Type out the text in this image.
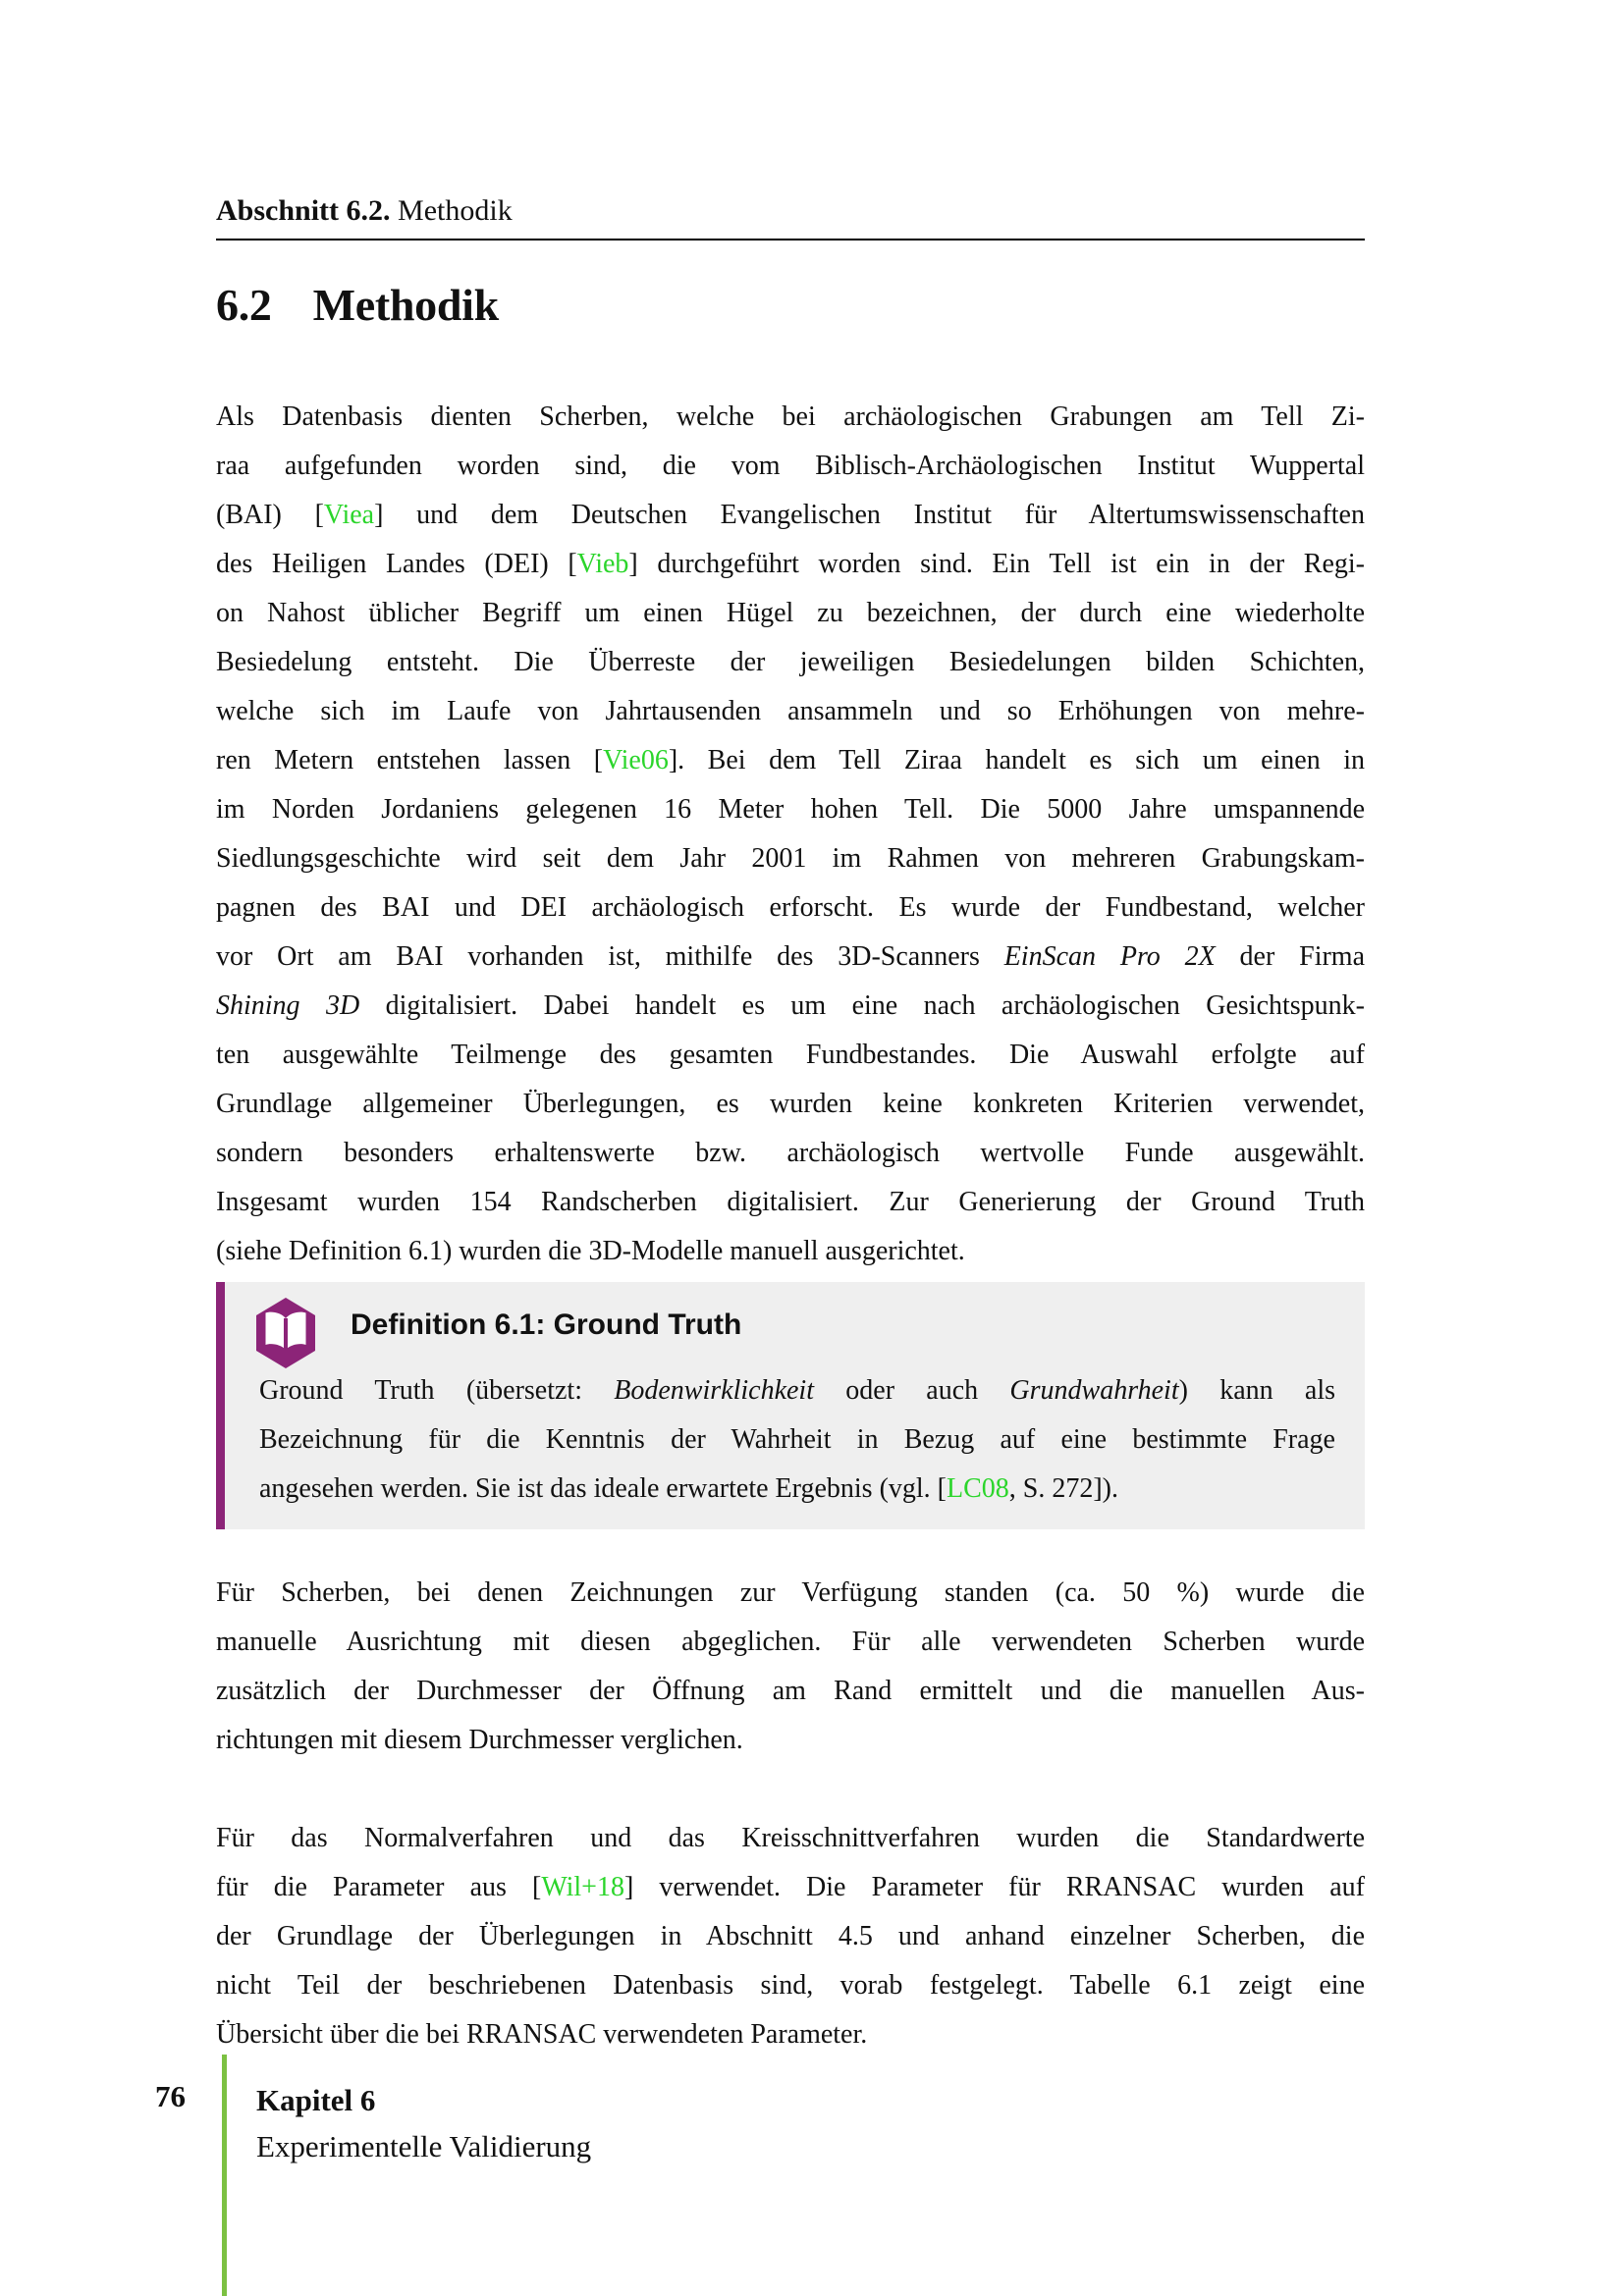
Abschnitt 6.2. Methodik
6.2 Methodik
Als Datenbasis dienten Scherben, welche bei archäologischen Grabungen am Tell Zi-
raa aufgefunden worden sind, die vom Biblisch-Archäologischen Institut Wuppertal
(BAI) [Viea] und dem Deutschen Evangelischen Institut für Altertumswissenschaften
des Heiligen Landes (DEI) [Vieb] durchgeführt worden sind. Ein Tell ist ein in der Regi-
on Nahost üblicher Begriff um einen Hügel zu bezeichnen, der durch eine wiederholte
Besiedelung entsteht. Die Überreste der jeweiligen Besiedelungen bilden Schichten,
welche sich im Laufe von Jahrtausenden ansammeln und so Erhöhungen von mehre-
ren Metern entstehen lassen [Vie06]. Bei dem Tell Ziraa handelt es sich um einen in
im Norden Jordaniens gelegenen 16 Meter hohen Tell. Die 5000 Jahre umspannende
Siedlungsgeschichte wird seit dem Jahr 2001 im Rahmen von mehreren Grabungskam-
pagnen des BAI und DEI archäologisch erforscht. Es wurde der Fundbestand, welcher
vor Ort am BAI vorhanden ist, mithilfe des 3D-Scanners EinScan Pro 2X der Firma
Shining 3D digitalisiert. Dabei handelt es um eine nach archäologischen Gesichtspunk-
ten ausgewählte Teilmenge des gesamten Fundbestandes. Die Auswahl erfolgte auf
Grundlage allgemeiner Überlegungen, es wurden keine konkreten Kriterien verwendet,
sondern besonders erhaltenswerte bzw. archäologisch wertvolle Funde ausgewählt.
Insgesamt wurden 154 Randscherben digitalisiert. Zur Generierung der Ground Truth
(siehe Definition 6.1) wurden die 3D-Modelle manuell ausgerichtet.
Definition 6.1: Ground Truth
Ground Truth (übersetzt: Bodenwirklichkeit oder auch Grundwahrheit) kann als
Bezeichnung für die Kenntnis der Wahrheit in Bezug auf eine bestimmte Frage
angesehen werden. Sie ist das ideale erwartete Ergebnis (vgl. [LC08, S. 272]).
Für Scherben, bei denen Zeichnungen zur Verfügung standen (ca. 50 %) wurde die
manuelle Ausrichtung mit diesen abgeglichen. Für alle verwendeten Scherben wurde
zusätzlich der Durchmesser der Öffnung am Rand ermittelt und die manuellen Aus-
richtungen mit diesem Durchmesser verglichen.
Für das Normalverfahren und das Kreisschnittverfahren wurden die Standardwerte
für die Parameter aus [Wil+18] verwendet. Die Parameter für RRANSAC wurden auf
der Grundlage der Überlegungen in Abschnitt 4.5 und anhand einzelner Scherben, die
nicht Teil der beschriebenen Datenbasis sind, vorab festgelegt. Tabelle 6.1 zeigt eine
Übersicht über die bei RRANSAC verwendeten Parameter.
76 Kapitel 6
Experimentelle Validierung
